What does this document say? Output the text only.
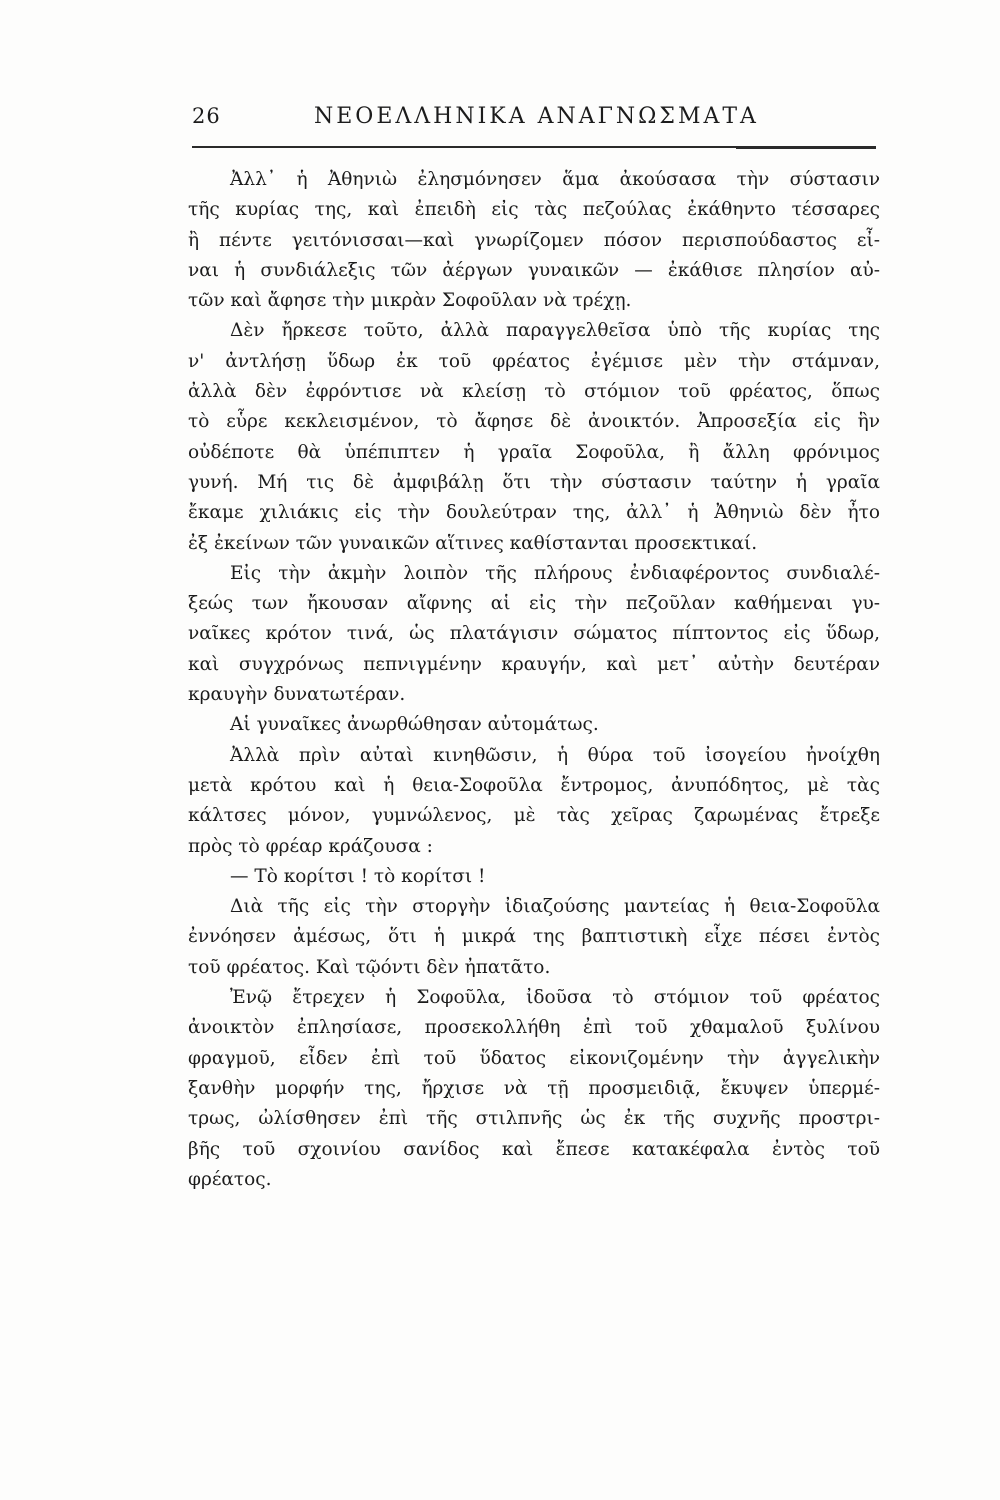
26	ΝΕΟΕΛΛΗΝΙΚΑ ΑΝΑΓΝΩΣΜΑΤΑ
Ἀλλ᾽ ἡ Ἀθηνιὼ ἐλησμόνησεν ἅμα ἀκούσασα τὴν σύστασιν
τῆς κυρίας της, καὶ ἐπειδὴ εἰς τὰς πεζούλας ἐκάθηντο τέσσαρες
ἢ πέντε γειτόνισσαι—καὶ γνωρίζομεν πόσον περισπούδαστος εἶ-
ναι ἡ συνδιάλεξις τῶν ἀέργων γυναικῶν — ἐκάθισε πλησίον αὐ-
τῶν καὶ ἄφησε τὴν μικρὰν Σοφοῦλαν νὰ τρέχῃ.
Δὲν ἤρκεσε τοῦτο, ἀλλὰ παραγγελθεῖσα ὑπὸ τῆς κυρίας της
ν' ἀντλήσῃ ὕδωρ ἐκ τοῦ φρέατος ἐγέμισε μὲν τὴν στάμναν,
ἀλλὰ δὲν ἐφρόντισε νὰ κλείσῃ τὸ στόμιον τοῦ φρέατος, ὅπως
τὸ εὗρε κεκλεισμένον, τὸ ἄφησε δὲ ἀνοικτόν. Ἀπροσεξία εἰς ἣν
οὐδέποτε θὰ ὑπέπιπτεν ἡ γραῖα Σοφοῦλα, ἢ ἄλλη φρόνιμος
γυνή. Μή τις δὲ ἀμφιβάλῃ ὅτι τὴν σύστασιν ταύτην ἡ γραῖα
ἔκαμε χιλιάκις εἰς τὴν δουλεύτραν της, ἀλλ᾽ ἡ Ἀθηνιὼ δὲν ἦτο
ἐξ ἐκείνων τῶν γυναικῶν αἵτινες καθίστανται προσεκτικαί.
Εἰς τὴν ἀκμὴν λοιπὸν τῆς πλήρους ἐνδιαφέροντος συνδιαλέ-
ξεώς των ἤκουσαν αἴφνης αἱ εἰς τὴν πεζοῦλαν καθήμεναι γυ-
ναῖκες κρότον τινά, ὡς πλατάγισιν σώματος πίπτοντος εἰς ὕδωρ,
καὶ συγχρόνως πεπνιγμένην κραυγήν, καὶ μετ᾽ αὐτὴν δευτέραν
κραυγὴν δυνατωτέραν.
Αἱ γυναῖκες ἀνωρθώθησαν αὐτομάτως.
Ἀλλὰ πρὶν αὐταὶ κινηθῶσιν, ἡ θύρα τοῦ ἰσογείου ἠνοίχθη
μετὰ κρότου καὶ ἡ θεια-Σοφοῦλα ἔντρομος, ἀνυπόδητος, μὲ τὰς
κάλτσες μόνον, γυμνώλενος, μὲ τὰς χεῖρας ζαρωμένας ἔτρεξε
πρὸς τὸ φρέαρ κράζουσα :
— Τὸ κορίτσι ! τὸ κορίτσι !
Διὰ τῆς εἰς τὴν στοργὴν ἰδιαζούσης μαντείας ἡ θεια-Σοφοῦλα
ἐννόησεν ἀμέσως, ὅτι ἡ μικρά της βαπτιστικὴ εἶχε πέσει ἐντὸς
τοῦ φρέατος. Καὶ τῷόντι δὲν ἠπατᾶτο.
Ἐνῷ ἔτρεχεν ἡ Σοφοῦλα, ἰδοῦσα τὸ στόμιον τοῦ φρέατος
ἀνοικτὸν ἐπλησίασε, προσεκολλήθη ἐπὶ τοῦ χθαμαλοῦ ξυλίνου
φραγμοῦ, εἶδεν ἐπὶ τοῦ ὕδατος εἰκονιζομένην τὴν ἀγγελικὴν
ξανθὴν μορφήν της, ἤρχισε νὰ τῇ προσμειδιᾷ, ἔκυψεν ὑπερμέ-
τρως, ὠλίσθησεν ἐπὶ τῆς στιλπνῆς ὡς ἐκ τῆς συχνῆς προστρι-
βῆς τοῦ σχοινίου σανίδος καὶ ἔπεσε κατακέφαλα ἐντὸς τοῦ
φρέατος.
